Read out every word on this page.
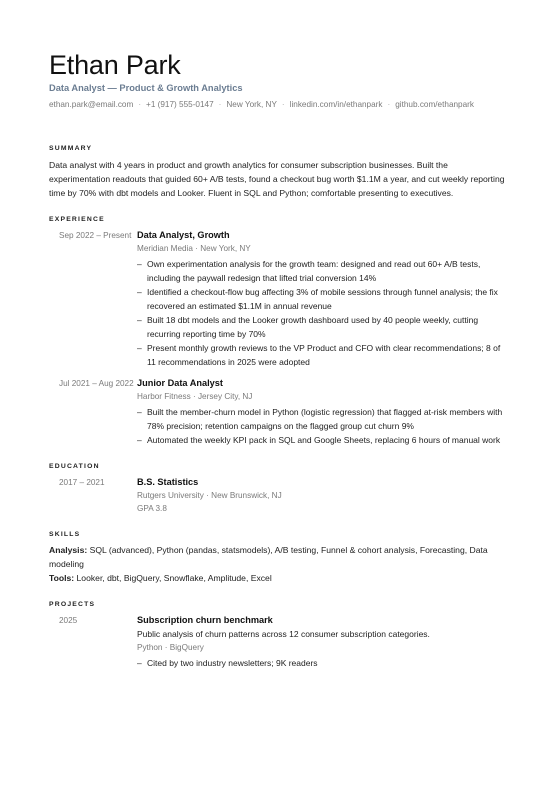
Ethan Park
Data Analyst — Product & Growth Analytics
ethan.park@email.com · +1 (917) 555-0147 · New York, NY · linkedin.com/in/ethanpark · github.com/ethanpark
SUMMARY
Data analyst with 4 years in product and growth analytics for consumer subscription businesses. Built the experimentation readouts that guided 60+ A/B tests, found a checkout bug worth $1.1M a year, and cut weekly reporting time by 70% with dbt models and Looker. Fluent in SQL and Python; comfortable presenting to executives.
EXPERIENCE
Sep 2022 – Present Data Analyst, Growth
Meridian Media · New York, NY
– Own experimentation analysis for the growth team: designed and read out 60+ A/B tests, including the paywall redesign that lifted trial conversion 14%
– Identified a checkout-flow bug affecting 3% of mobile sessions through funnel analysis; the fix recovered an estimated $1.1M in annual revenue
– Built 18 dbt models and the Looker growth dashboard used by 40 people weekly, cutting recurring reporting time by 70%
– Present monthly growth reviews to the VP Product and CFO with clear recommendations; 8 of 11 recommendations in 2025 were adopted
Jul 2021 – Aug 2022 Junior Data Analyst
Harbor Fitness · Jersey City, NJ
– Built the member-churn model in Python (logistic regression) that flagged at-risk members with 78% precision; retention campaigns on the flagged group cut churn 9%
– Automated the weekly KPI pack in SQL and Google Sheets, replacing 6 hours of manual work
EDUCATION
2017 – 2021	B.S. Statistics
Rutgers University · New Brunswick, NJ
GPA 3.8
SKILLS
Analysis: SQL (advanced), Python (pandas, statsmodels), A/B testing, Funnel & cohort analysis, Forecasting, Data modeling
Tools: Looker, dbt, BigQuery, Snowflake, Amplitude, Excel
PROJECTS
2025	Subscription churn benchmark
Public analysis of churn patterns across 12 consumer subscription categories.
Python · BigQuery
– Cited by two industry newsletters; 9K readers
